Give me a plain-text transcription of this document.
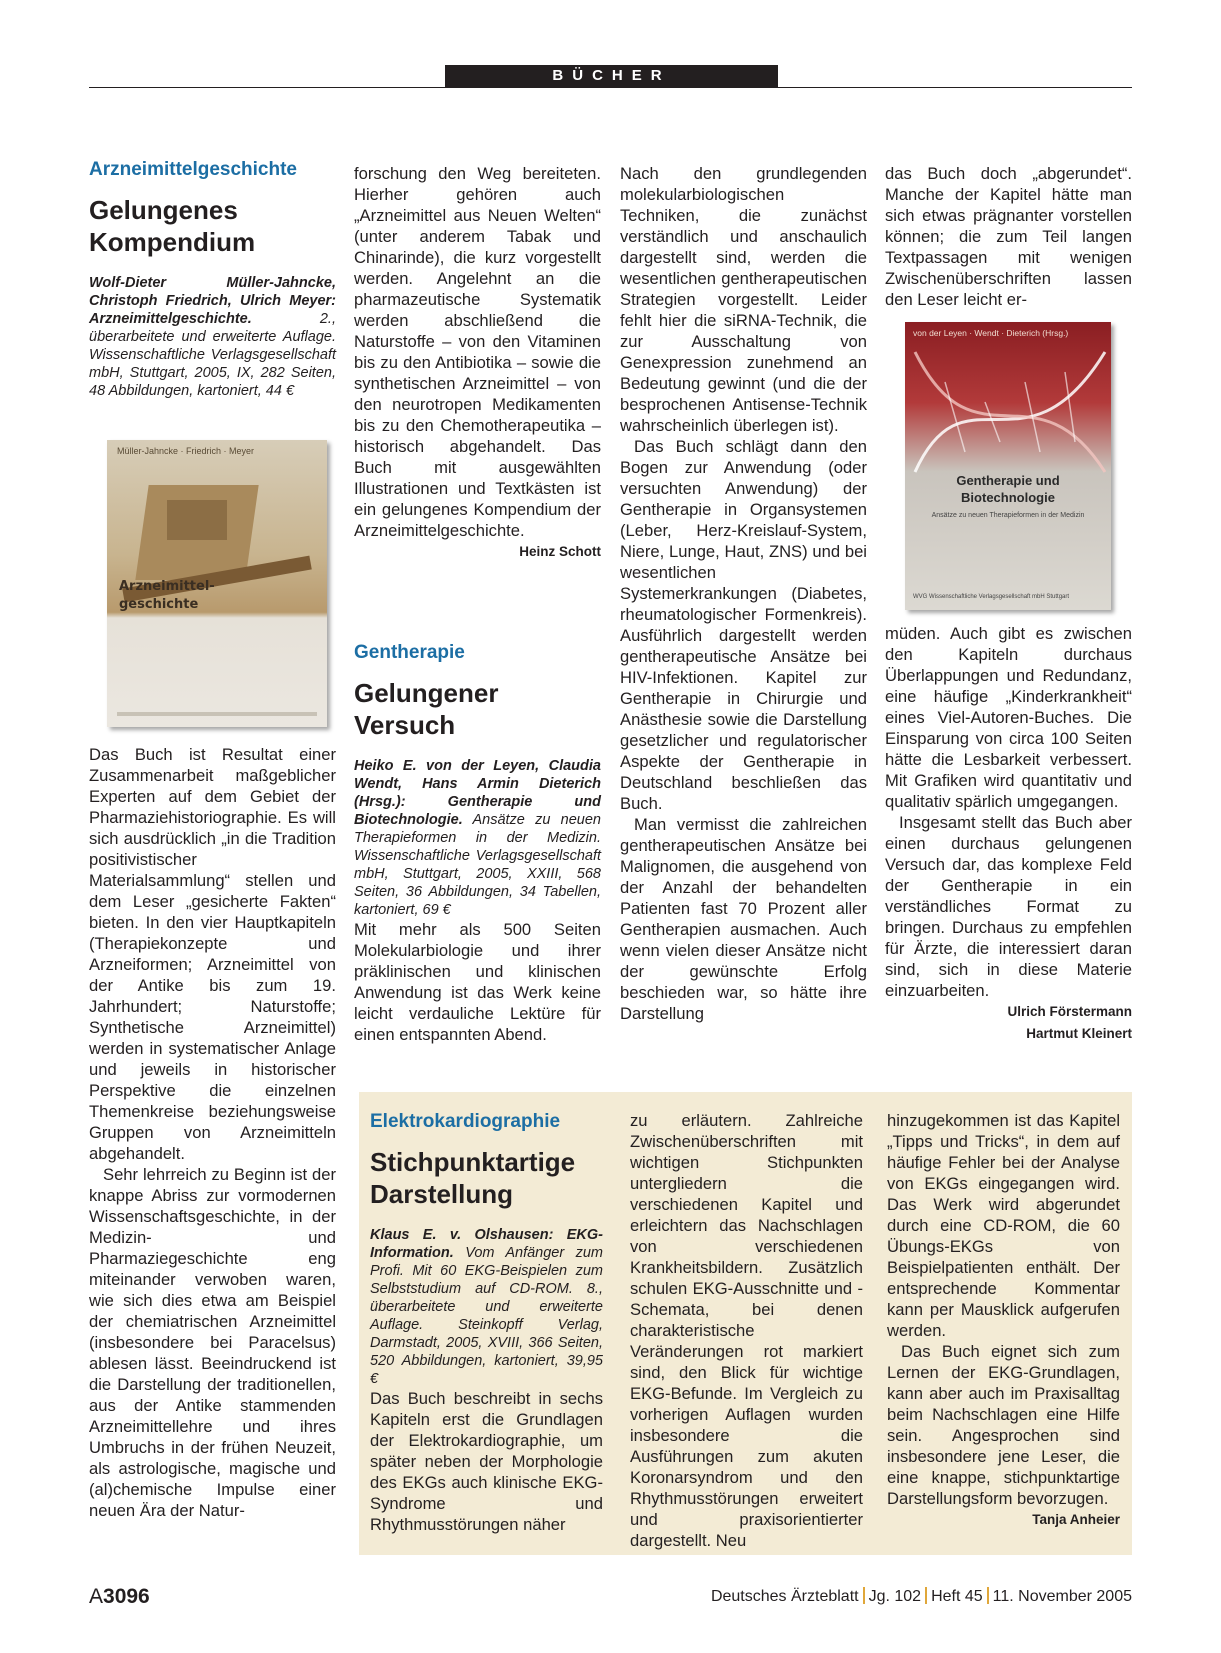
BÜCHER

Arzneimittelgeschichte

Gelungenes
Kompendium

Wolf-Dieter Müller-Jahncke, Christoph Friedrich, Ulrich Meyer: Arzneimittelgeschichte. 2., überarbeitete und erweiterte Auflage. Wissenschaftliche Verlagsgesellschaft mbH, Stuttgart, 2005, IX, 282 Seiten, 48 Abbildungen, kartoniert, 44 €

Müller-Jahncke · Friedrich · Meyer
Arzneimittel-
geschichte

Das Buch ist Resultat einer Zusammenarbeit maßgeblicher Experten auf dem Gebiet der Pharmaziehistoriographie. Es will sich ausdrücklich „in die Tradition positivistischer Materialsammlung“ stellen und dem Leser „gesicherte Fakten“ bieten. In den vier Hauptkapiteln (Therapiekonzepte und Arzneiformen; Arzneimittel von der Antike bis zum 19. Jahrhundert; Naturstoffe; Synthetische Arzneimittel) werden in systematischer Anlage und jeweils in historischer Perspektive die einzelnen Themenkreise beziehungsweise Gruppen von Arzneimitteln abgehandelt.

Sehr lehrreich zu Beginn ist der knappe Abriss zur vormodernen Wissenschaftsgeschichte, in der Medizin- und Pharmaziegeschichte eng miteinander verwoben waren, wie sich dies etwa am Beispiel der chemiatrischen Arzneimittel (insbesondere bei Paracelsus) ablesen lässt. Beeindruckend ist die Darstellung der traditionellen, aus der Antike stammenden Arzneimittellehre und ihres Umbruchs in der frühen Neuzeit, als astrologische, magische und (al)chemische Impulse einer neuen Ära der Natur-

forschung den Weg bereiteten. Hierher gehören auch „Arzneimittel aus Neuen Welten“ (unter anderem Tabak und Chinarinde), die kurz vorgestellt werden. Angelehnt an die pharmazeutische Systematik werden abschließend die Naturstoffe – von den Vitaminen bis zu den Antibiotika – sowie die synthetischen Arzneimittel – von den neurotropen Medikamenten bis zu den Chemotherapeutika – historisch abgehandelt. Das Buch mit ausgewählten Illustrationen und Textkästen ist ein gelungenes Kompendium der Arzneimittelgeschichte.
Heinz Schott

Gentherapie

Gelungener
Versuch

Heiko E. von der Leyen, Claudia Wendt, Hans Armin Dieterich (Hrsg.): Gentherapie und Biotechnologie. Ansätze zu neuen Therapieformen in der Medizin. Wissenschaftliche Verlagsgesellschaft mbH, Stuttgart, 2005, XXIII, 568 Seiten, 36 Abbildungen, 34 Tabellen, kartoniert, 69 €

Mit mehr als 500 Seiten Molekularbiologie und ihrer präklinischen und klinischen Anwendung ist das Werk keine leicht verdauliche Lektüre für einen entspannten Abend.

Nach den grundlegenden molekularbiologischen Techniken, die zunächst verständlich und anschaulich dargestellt sind, werden die wesentlichen gentherapeutischen Strategien vorgestellt. Leider fehlt hier die siRNA-Technik, die zur Ausschaltung von Genexpression zunehmend an Bedeutung gewinnt (und die der besprochenen Antisense-Technik wahrscheinlich überlegen ist).

Das Buch schlägt dann den Bogen zur Anwendung (oder versuchten Anwendung) der Gentherapie in Organsystemen (Leber, Herz-Kreislauf-System, Niere, Lunge, Haut, ZNS) und bei wesentlichen Systemerkrankungen (Diabetes, rheumatologischer Formenkreis). Ausführlich dargestellt werden gentherapeutische Ansätze bei HIV-Infektionen. Kapitel zur Gentherapie in Chirurgie und Anästhesie sowie die Darstellung gesetzlicher und regulatorischer Aspekte der Gentherapie in Deutschland beschließen das Buch.

Man vermisst die zahlreichen gentherapeutischen Ansätze bei Malignomen, die ausgehend von der Anzahl der behandelten Patienten fast 70 Prozent aller Gentherapien ausmachen. Auch wenn vielen dieser Ansätze nicht der gewünschte Erfolg beschieden war, so hätte ihre Darstellung

das Buch doch „abgerundet“. Manche der Kapitel hätte man sich etwas prägnanter vorstellen können; die zum Teil langen Textpassagen mit wenigen Zwischenüberschriften lassen den Leser leicht er-

von der Leyen · Wendt · Dieterich (Hrsg.)
Gentherapie und
Biotechnologie
Ansätze zu neuen Therapieformen in der Medizin
WVG Wissenschaftliche Verlagsgesellschaft mbH Stuttgart

müden. Auch gibt es zwischen den Kapiteln durchaus Überlappungen und Redundanz, eine häufige „Kinderkrankheit“ eines Viel-Autoren-Buches. Die Einsparung von circa 100 Seiten hätte die Lesbarkeit verbessert. Mit Grafiken wird quantitativ und qualitativ spärlich umgegangen.

Insgesamt stellt das Buch aber einen durchaus gelungenen Versuch dar, das komplexe Feld der Gentherapie in ein verständliches Format zu bringen. Durchaus zu empfehlen für Ärzte, die interessiert daran sind, sich in diese Materie einzuarbeiten.

Ulrich Förstermann
Hartmut Kleinert

Elektrokardiographie

Stichpunktartige
Darstellung

Klaus E. v. Olshausen: EKG-Information. Vom Anfänger zum Profi. Mit 60 EKG-Beispielen zum Selbststudium auf CD-ROM. 8., überarbeitete und erweiterte Auflage. Steinkopff Verlag, Darmstadt, 2005, XVIII, 366 Seiten, 520 Abbildungen, kartoniert, 39,95 €

Das Buch beschreibt in sechs Kapiteln erst die Grundlagen der Elektrokardiographie, um später neben der Morphologie des EKGs auch klinische EKG-Syndrome und Rhythmusstörungen näher

zu erläutern. Zahlreiche Zwischenüberschriften mit wichtigen Stichpunkten untergliedern die verschiedenen Kapitel und erleichtern das Nachschlagen von verschiedenen Krankheitsbildern. Zusätzlich schulen EKG-Ausschnitte und -Schemata, bei denen charakteristische Veränderungen rot markiert sind, den Blick für wichtige EKG-Befunde. Im Vergleich zu vorherigen Auflagen wurden insbesondere die Ausführungen zum akuten Koronarsyndrom und den Rhythmusstörungen erweitert und praxisorientierter dargestellt. Neu

hinzugekommen ist das Kapitel „Tipps und Tricks“, in dem auf häufige Fehler bei der Analyse von EKGs eingegangen wird. Das Werk wird abgerundet durch eine CD-ROM, die 60 Übungs-EKGs von Beispielpatienten enthält. Der entsprechende Kommentar kann per Mausklick aufgerufen werden.

Das Buch eignet sich zum Lernen der EKG-Grundlagen, kann aber auch im Praxisalltag beim Nachschlagen eine Hilfe sein. Angesprochen sind insbesondere jene Leser, die eine knappe, stichpunktartige Darstellungsform bevorzugen.
Tanja Anheier

A3096	Deutsches Ärzteblatt Jg. 102 Heft 45 11. November 2005
